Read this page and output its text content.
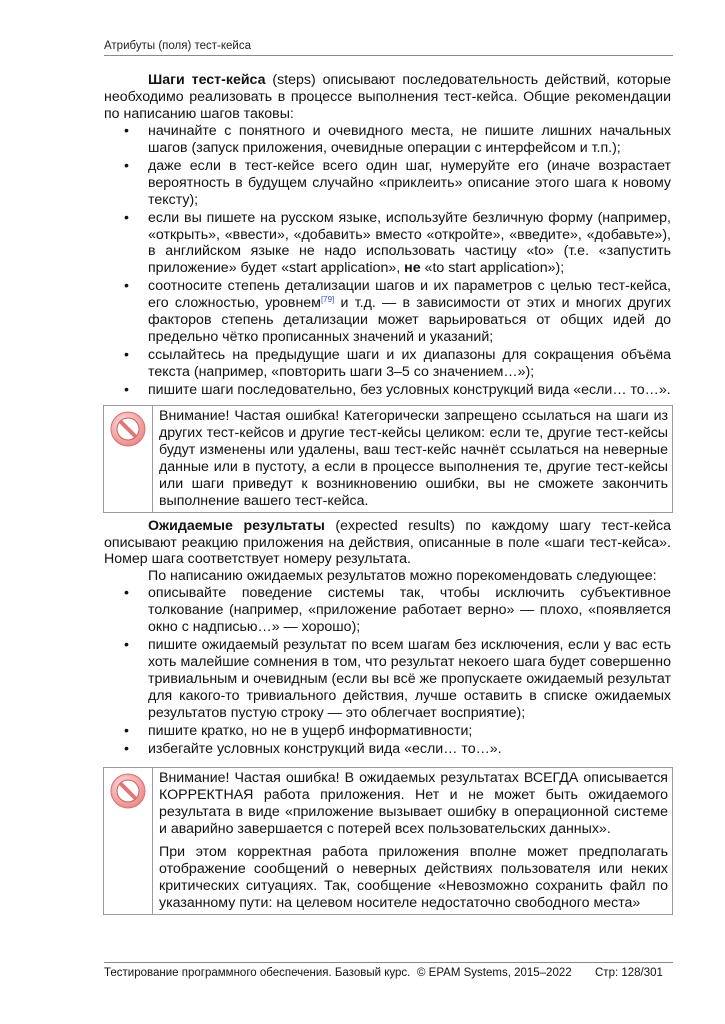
Атрибуты (поля) тест-кейса

Шаги тест-кейса (steps) описывают последовательность действий, которые необходимо реализовать в процессе выполнения тест-кейса. Общие рекомендации по написанию шагов таковы:

• начинайте с понятного и очевидного места, не пишите лишних начальных шагов (запуск приложения, очевидные операции с интерфейсом и т.п.);
• даже если в тест-кейсе всего один шаг, нумеруйте его (иначе возрастает вероятность в будущем случайно «приклеить» описание этого шага к новому тексту);
• если вы пишете на русском языке, используйте безличную форму (например, «открыть», «ввести», «добавить» вместо «откройте», «введите», «добавьте»), в английском языке не надо использовать частицу «to» (т.е. «запустить приложение» будет «start application», не «to start application»);
• соотносите степень детализации шагов и их параметров с целью тест-кейса, его сложностью, уровнем[79] и т.д. — в зависимости от этих и многих других факторов степень детализации может варьироваться от общих идей до предельно чётко прописанных значений и указаний;
• ссылайтесь на предыдущие шаги и их диапазоны для сокращения объёма текста (например, «повторить шаги 3–5 со значением…»);
• пишите шаги последовательно, без условных конструкций вида «если… то…».

Внимание! Частая ошибка! Категорически запрещено ссылаться на шаги из других тест-кейсов и другие тест-кейсы целиком: если те, другие тест-кейсы будут изменены или удалены, ваш тест-кейс начнёт ссылаться на неверные данные или в пустоту, а если в процессе выполнения те, другие тест-кейсы или шаги приведут к возникновению ошибки, вы не сможете закончить выполнение вашего тест-кейса.

Ожидаемые результаты (expected results) по каждому шагу тест-кейса описывают реакцию приложения на действия, описанные в поле «шаги тест-кейса». Номер шага соответствует номеру результата.

По написанию ожидаемых результатов можно порекомендовать следующее:

• описывайте поведение системы так, чтобы исключить субъективное толкование (например, «приложение работает верно» — плохо, «появляется окно с надписью…» — хорошо);
• пишите ожидаемый результат по всем шагам без исключения, если у вас есть хоть малейшие сомнения в том, что результат некоего шага будет совершенно тривиальным и очевидным (если вы всё же пропускаете ожидаемый результат для какого-то тривиального действия, лучше оставить в списке ожидаемых результатов пустую строку — это облегчает восприятие);
• пишите кратко, но не в ущерб информативности;
• избегайте условных конструкций вида «если… то…».

Внимание! Частая ошибка! В ожидаемых результатах ВСЕГДА описывается КОРРЕКТНАЯ работа приложения. Нет и не может быть ожидаемого результата в виде «приложение вызывает ошибку в операционной системе и аварийно завершается с потерей всех пользовательских данных».

При этом корректная работа приложения вполне может предполагать отображение сообщений о неверных действиях пользователя или неких критических ситуациях. Так, сообщение «Невозможно сохранить файл по указанному пути: на целевом носителе недостаточно свободного места»

Тестирование программного обеспечения. Базовый курс. © EPAM Systems, 2015–2022	Стр: 128/301
